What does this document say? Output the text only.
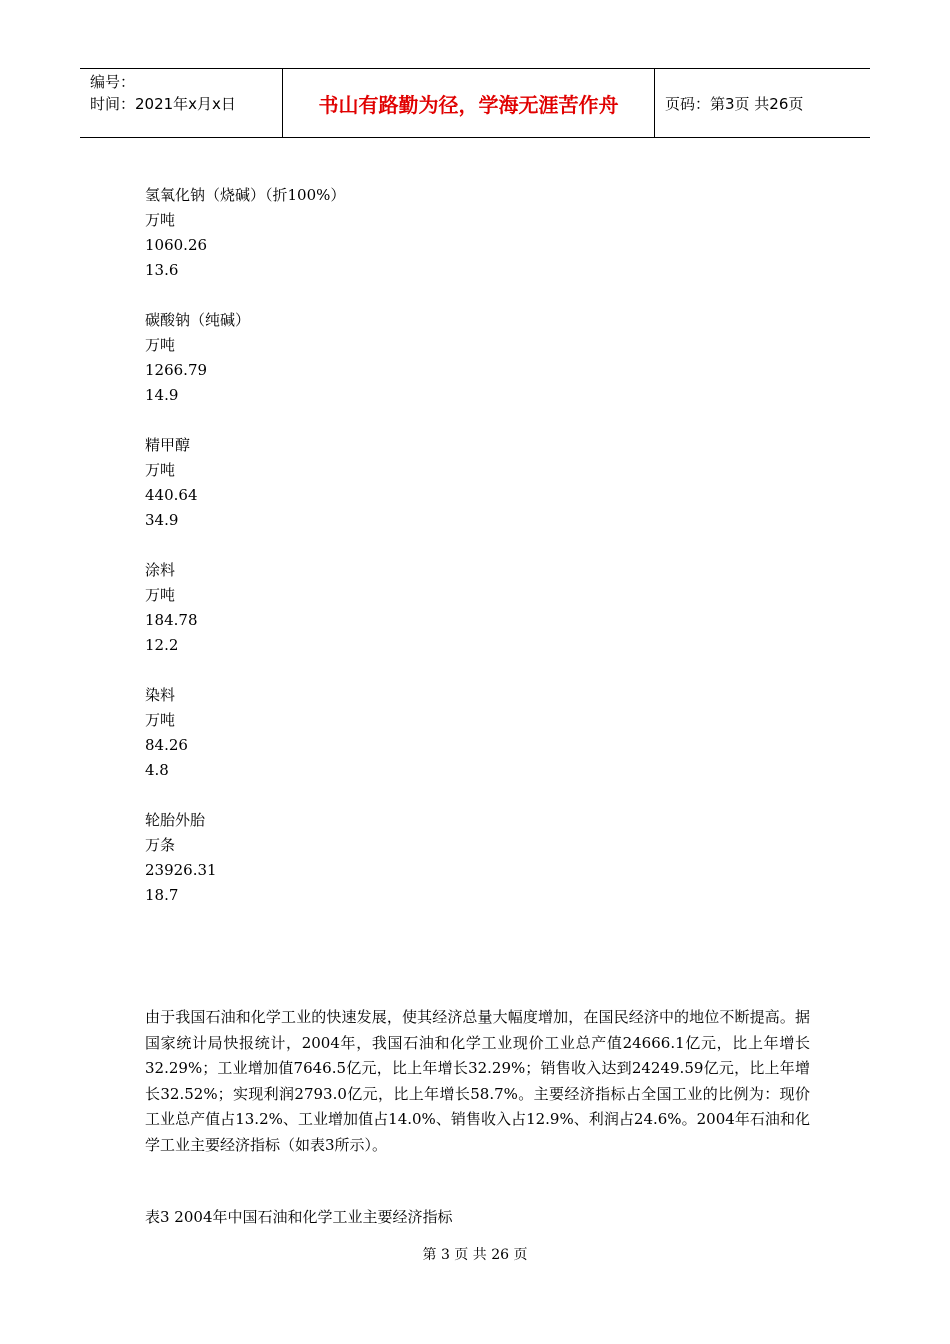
编号：
时间：2021年x月x日	书山有路勤为径，学海无涯苦作舟	页码：第3页 共26页
氢氧化钠（烧碱）（折100%）
万吨
1060.26
13.6
碳酸钠（纯碱）
万吨
1266.79
14.9
精甲醇
万吨
440.64
34.9
涂料
万吨
184.78
12.2
染料
万吨
84.26
4.8
轮胎外胎
万条
23926.31
18.7
由于我国石油和化学工业的快速发展，使其经济总量大幅度增加，在国民经济中的地位不断提高。据国家统计局快报统计，2004年，我国石油和化学工业现价工业总产值24666.1亿元，比上年增长32.29%；工业增加值7646.5亿元，比上年增长32.29%；销售收入达到24249.59亿元，比上年增长32.52%；实现利润2793.0亿元，比上年增长58.7%。主要经济指标占全国工业的比例为：现价工业总产值占13.2%、工业增加值占14.0%、销售收入占12.9%、利润占24.6%。2004年石油和化学工业主要经济指标（如表3所示）。
表3 2004年中国石油和化学工业主要经济指标
第 3 页 共 26 页
